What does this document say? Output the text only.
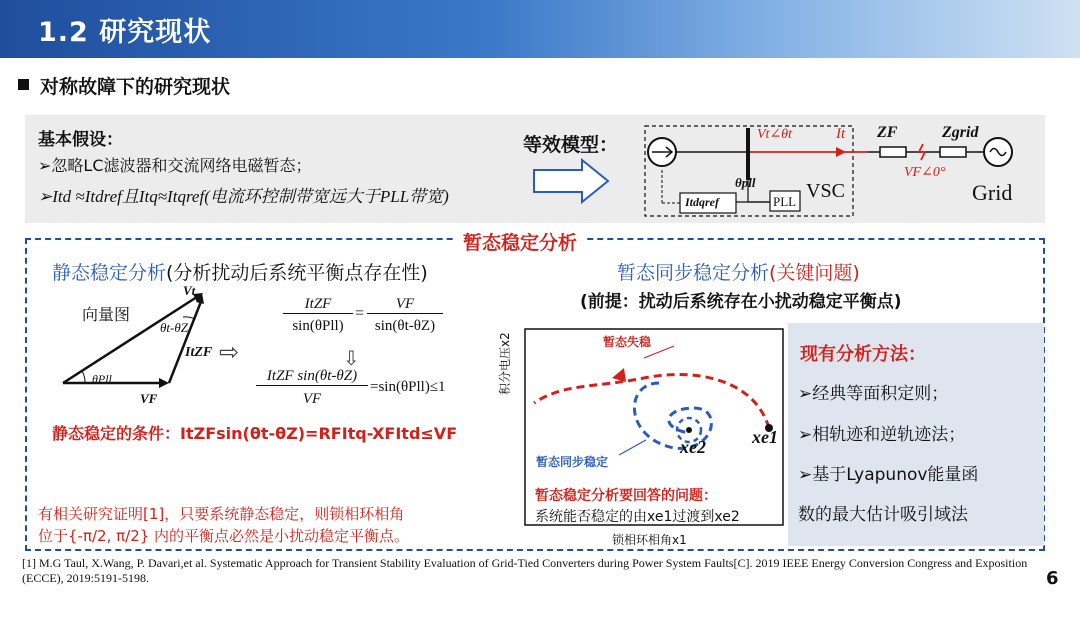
1.2 研究现状
对称故障下的研究现状
基本假设：
➢忽略LC滤波器和交流网络电磁暂态；
➢Itd ≈Itdref且Itq≈Itqref(电流环控制带宽远大于PLL带宽)
等效模型：	Vt∠θt	It ZF	Zgrid
VF∠0°
θpll
Itdqref	PLL VSC	Grid
暂态稳定分析
静态稳定分析(分析扰动后系统平衡点存在性)
向量图
Vt
θt-θZ
ItZF
θPll
VF
ItZF
sin(θPll)
=
VF
sin(θt-θZ)
⇨	⇩
ItZF sin(θt-θZ)
VF
=sin(θPll)≤1
静态稳定的条件：ItZFsin(θt-θZ)=RFItq-XFItd≤VF
有相关研究证明[1]，只要系统静态稳定，则锁相环相角
位于{-π/2, π/2} 内的平衡点必然是小扰动稳定平衡点。
暂态同步稳定分析(关键问题)
(前提：扰动后系统存在小扰动稳定平衡点)
暂态失稳
暂态同步稳定
xe2	xe1
积分电压x2
锁相环相角x1
暂态稳定分析要回答的问题：
系统能否稳定的由xe1过渡到xe2
现有分析方法：
➢经典等面积定则；
➢相轨迹和逆轨迹法；
➢基于Lyapunov能量函
数的最大估计吸引域法
[1] M.G Taul, X.Wang, P. Davari,et al. Systematic Approach for Transient Stability Evaluation of Grid-Tied Converters during Power System Faults[C]. 2019 IEEE Energy Conversion Congress and Exposition (ECCE), 2019:5191-5198.	6
